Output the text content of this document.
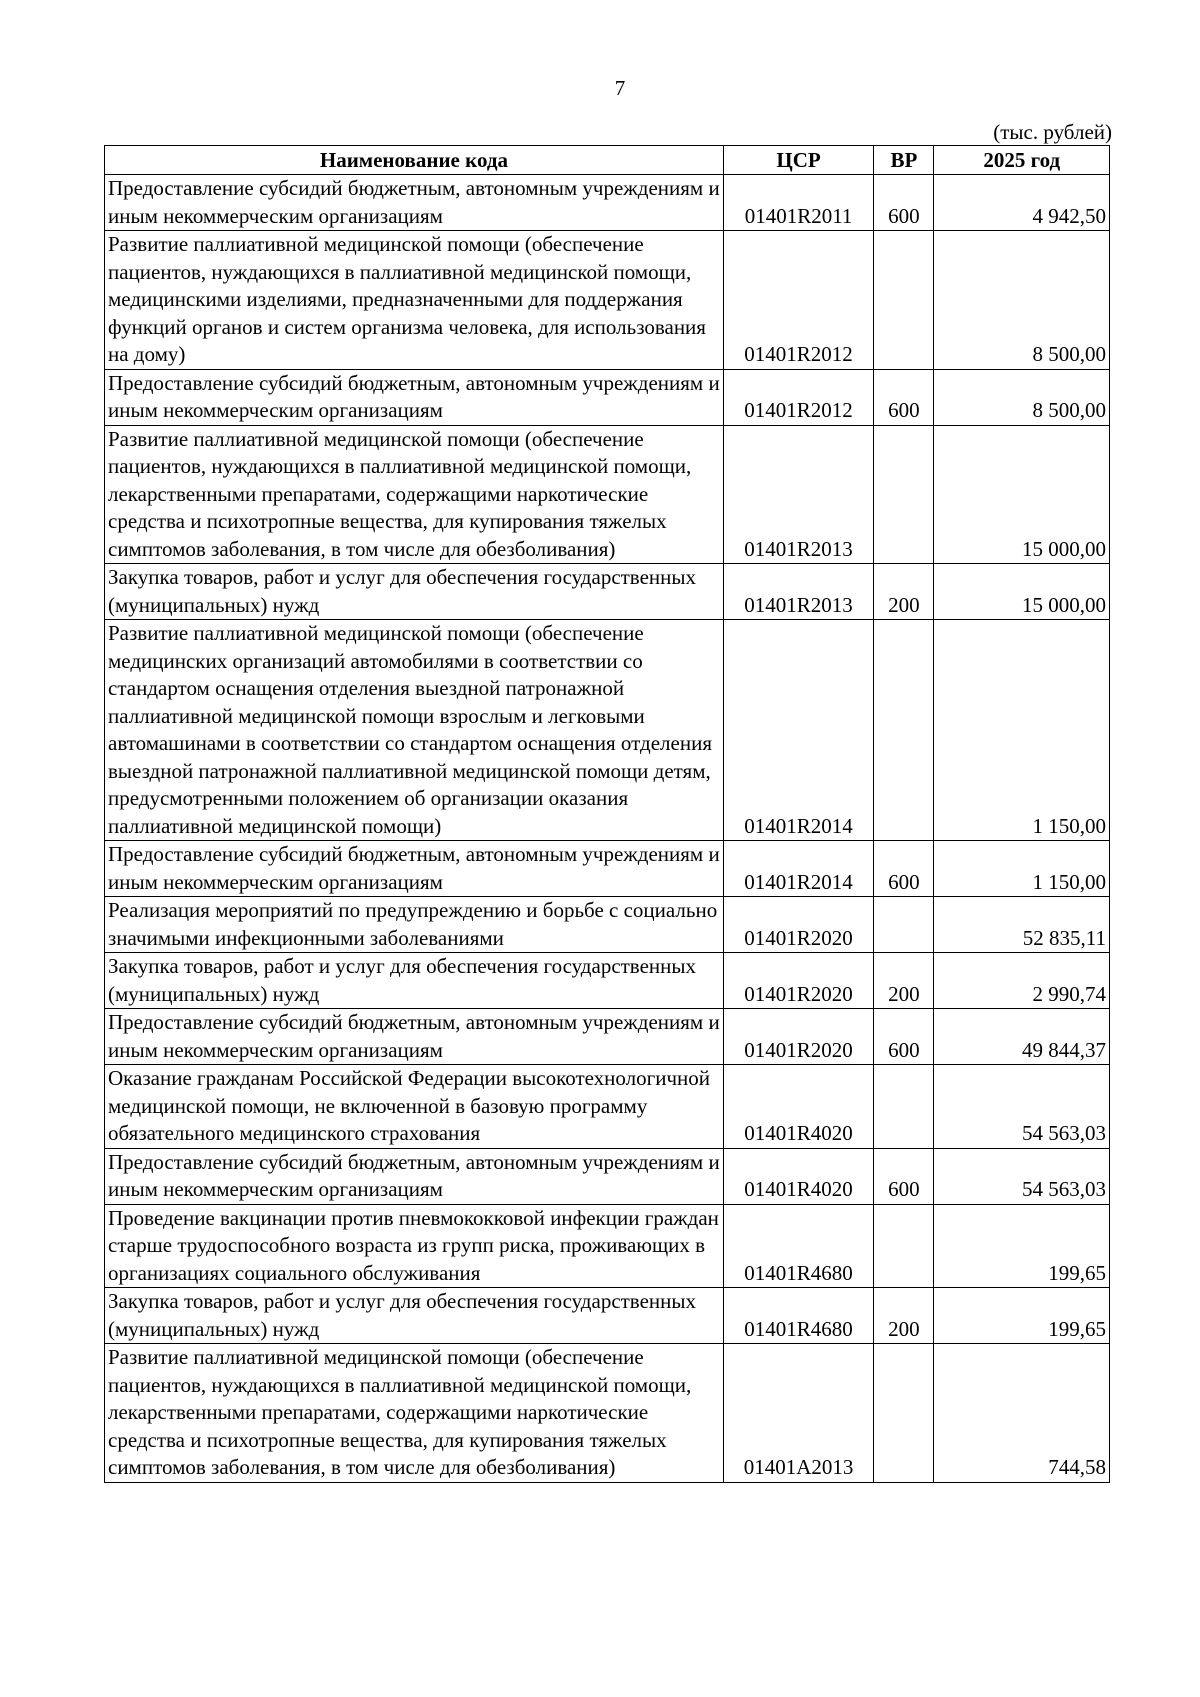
7
(тыс. рублей)
Наименование кода	ЦСР	ВР	2025 год
Предоставление субсидий бюджетным, автономным учреждениям и иным некоммерческим организациям	01401R2011	600	4 942,50
Развитие паллиативной медицинской помощи (обеспечение пациентов, нуждающихся в паллиативной медицинской помощи, медицинскими изделиями, предназначенными для поддержания функций органов и систем организма человека, для использования на дому)	01401R2012		8 500,00
Предоставление субсидий бюджетным, автономным учреждениям и иным некоммерческим организациям	01401R2012	600	8 500,00
Развитие паллиативной медицинской помощи (обеспечение пациентов, нуждающихся в паллиативной медицинской помощи, лекарственными препаратами, содержащими наркотические средства и психотропные вещества, для купирования тяжелых симптомов заболевания, в том числе для обезболивания)	01401R2013		15 000,00
Закупка товаров, работ и услуг для обеспечения государственных (муниципальных) нужд	01401R2013	200	15 000,00
Развитие паллиативной медицинской помощи (обеспечение медицинских организаций автомобилями в соответствии со стандартом оснащения отделения выездной патронажной паллиативной медицинской помощи взрослым и легковыми автомашинами в соответствии со стандартом оснащения отделения выездной патронажной паллиативной медицинской помощи детям, предусмотренными положением об организации оказания паллиативной медицинской помощи)	01401R2014		1 150,00
Предоставление субсидий бюджетным, автономным учреждениям и иным некоммерческим организациям	01401R2014	600	1 150,00
Реализация мероприятий по предупреждению и борьбе с социально значимыми инфекционными заболеваниями	01401R2020		52 835,11
Закупка товаров, работ и услуг для обеспечения государственных (муниципальных) нужд	01401R2020	200	2 990,74
Предоставление субсидий бюджетным, автономным учреждениям и иным некоммерческим организациям	01401R2020	600	49 844,37
Оказание гражданам Российской Федерации высокотехнологичной медицинской помощи, не включенной в базовую программу обязательного медицинского страхования	01401R4020		54 563,03
Предоставление субсидий бюджетным, автономным учреждениям и иным некоммерческим организациям	01401R4020	600	54 563,03
Проведение вакцинации против пневмококковой инфекции граждан старше трудоспособного возраста из групп риска, проживающих в организациях социального обслуживания	01401R4680		199,65
Закупка товаров, работ и услуг для обеспечения государственных (муниципальных) нужд	01401R4680	200	199,65
Развитие паллиативной медицинской помощи (обеспечение пациентов, нуждающихся в паллиативной медицинской помощи, лекарственными препаратами, содержащими наркотические средства и психотропные вещества, для купирования тяжелых симптомов заболевания, в том числе для обезболивания)	01401A2013		744,58
